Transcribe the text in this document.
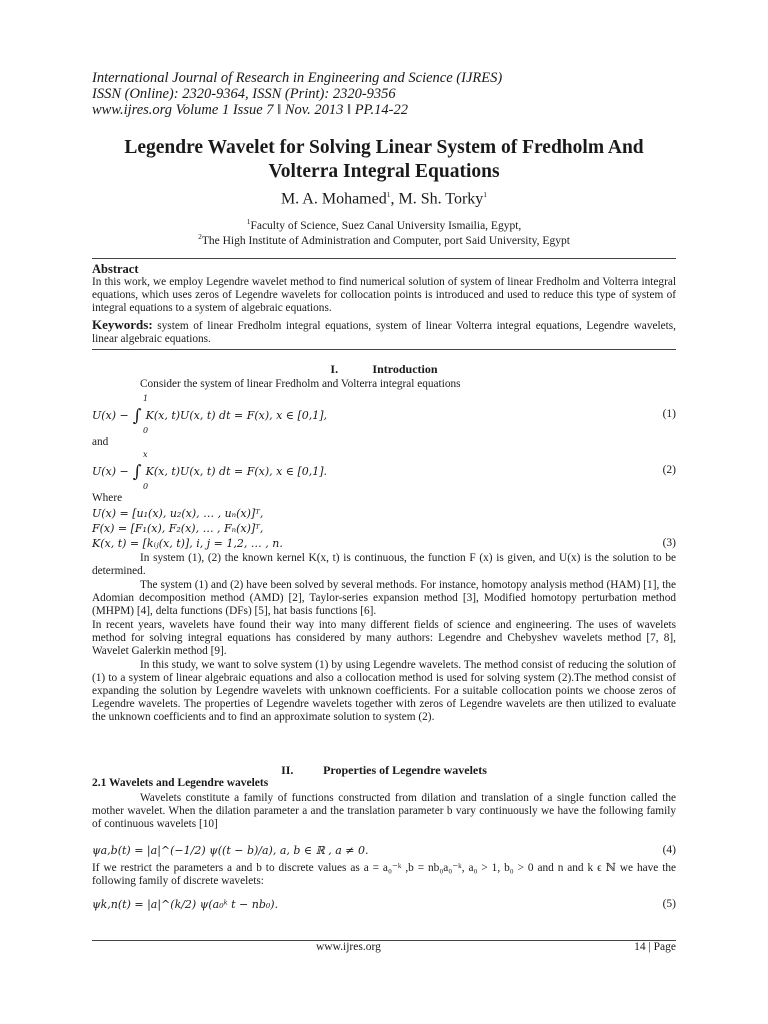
International Journal of Research in Engineering and Science (IJRES)
ISSN (Online): 2320-9364, ISSN (Print): 2320-9356
www.ijres.org Volume 1 Issue 7 ǁ Nov. 2013 ǁ PP.14-22
Legendre Wavelet for Solving Linear System of Fredholm And
Volterra Integral Equations
M. A. Mohamed$^1$, M. Sh. Torky$^1$
$^1$Faculty of Science, Suez Canal University Ismailia, Egypt,
$^2$The High Institute of Administration and Computer, port Said University, Egypt
Abstract
In this work, we employ Legendre wavelet method to find numerical solution of system of linear Fredholm and Volterra integral equations, which uses zeros of Legendre wavelets for collocation points is introduced and used to reduce this type of system of integral equations to a system of algebraic equations.
Keywords: system of linear Fredholm integral equations, system of linear Volterra integral equations, Legendre wavelets, linear algebraic equations.
I.	Introduction
Consider the system of linear Fredholm and Volterra integral equations
U(x) − ∫ K(x, t)U(x, t) dt = F(x), x ∈ [0,1],
1
0
(1)
and
U(x) − ∫ K(x, t)U(x, t) dt = F(x), x ∈ [0,1].
x
0
(2)
Where
U(x) = [u₁(x), u₂(x), … , uₙ(x)]ᵀ,
F(x) = [F₁(x), F₂(x), … , Fₙ(x)]ᵀ,
K(x, t) = [kᵢⱼ(x, t)], i, j = 1,2, … , n.	(3)
In system (1), (2) the known kernel K(x, t) is continuous, the function F (x) is given, and U(x) is the solution to be determined.
The system (1) and (2) have been solved by several methods. For instance, homotopy analysis method (HAM) [1], the Adomian decomposition method (AMD) [2], Taylor-series expansion method [3], Modified homotopy perturbation method (MHPM) [4], delta functions (DFs) [5], hat basis functions [6].
In recent years, wavelets have found their way into many different fields of science and engineering. The uses of wavelets method for solving integral equations has considered by many authors: Legendre and Chebyshev wavelets method [7, 8], Wavelet Galerkin method [9].
In this study, we want to solve system (1) by using Legendre wavelets. The method consist of reducing the solution of (1) to a system of linear algebraic equations and also a collocation method is used for solving system (2).The method consist of expanding the solution by Legendre wavelets with unknown coefficients. For a suitable collocation points we choose zeros of Legendre wavelets. The properties of Legendre wavelets together with zeros of Legendre wavelets are then utilized to evaluate the unknown coefficients and to find an approximate solution to system (2).
II. Properties of Legendre wavelets
2.1 Wavelets and Legendre wavelets
Wavelets constitute a family of functions constructed from dilation and translation of a single function called the mother wavelet. When the dilation parameter a and the translation parameter b vary continuously we have the following family of continuous wavelets [10]
ψa,b(t) = |a|^(−1/2) ψ((t − b)/a), a, b ∈ ℝ , a ≠ 0.	(4)
If we restrict the parameters a and b to discrete values as a = a₀⁻ᵏ ,b = nb₀a₀⁻ᵏ, a₀ > 1, b₀ > 0 and n and k ϵ ℕ we have the following family of discrete wavelets:
ψk,n(t) = |a|^(k/2) ψ(a₀ᵏ t − nb₀).	(5)
www.ijres.org	14 | Page
